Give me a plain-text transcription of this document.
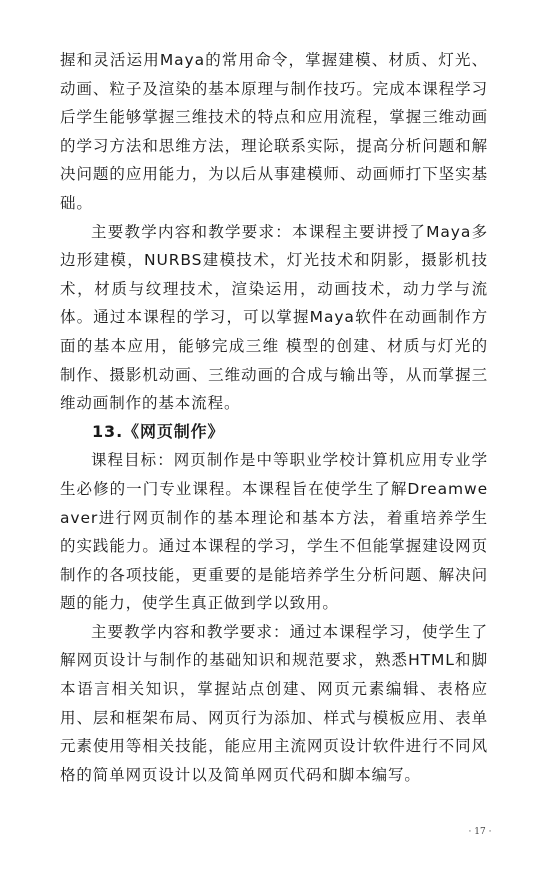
握和灵活运用Maya的常用命令，掌握建模、材质、灯光、动画、粒子及渲染的基本原理与制作技巧。完成本课程学习后学生能够掌握三维技术的特点和应用流程，掌握三维动画的学习方法和思维方法，理论联系实际，提高分析问题和解决问题的应用能力，为以后从事建模师、动画师打下坚实基础。

主要教学内容和教学要求：本课程主要讲授了Maya多边形建模，NURBS建模技术，灯光技术和阴影，摄影机技术，材质与纹理技术，渲染运用，动画技术，动力学与流体。通过本课程的学习，可以掌握Maya软件在动画制作方面的基本应用，能够完成三维 模型的创建、材质与灯光的制作、摄影机动画、三维动画的合成与输出等，从而掌握三维动画制作的基本流程。

13.《网页制作》

课程目标：网页制作是中等职业学校计算机应用专业学生必修的一门专业课程。本课程旨在使学生了解Dreamweaver进行网页制作的基本理论和基本方法，着重培养学生的实践能力。通过本课程的学习，学生不但能掌握建设网页制作的各项技能，更重要的是能培养学生分析问题、解决问题的能力，使学生真正做到学以致用。

主要教学内容和教学要求：通过本课程学习，使学生了解网页设计与制作的基础知识和规范要求，熟悉HTML和脚本语言相关知识，掌握站点创建、网页元素编辑、表格应用、层和框架布局、网页行为添加、样式与模板应用、表单元素使用等相关技能，能应用主流网页设计软件进行不同风格的简单网页设计以及简单网页代码和脚本编写。

· 17 ·
